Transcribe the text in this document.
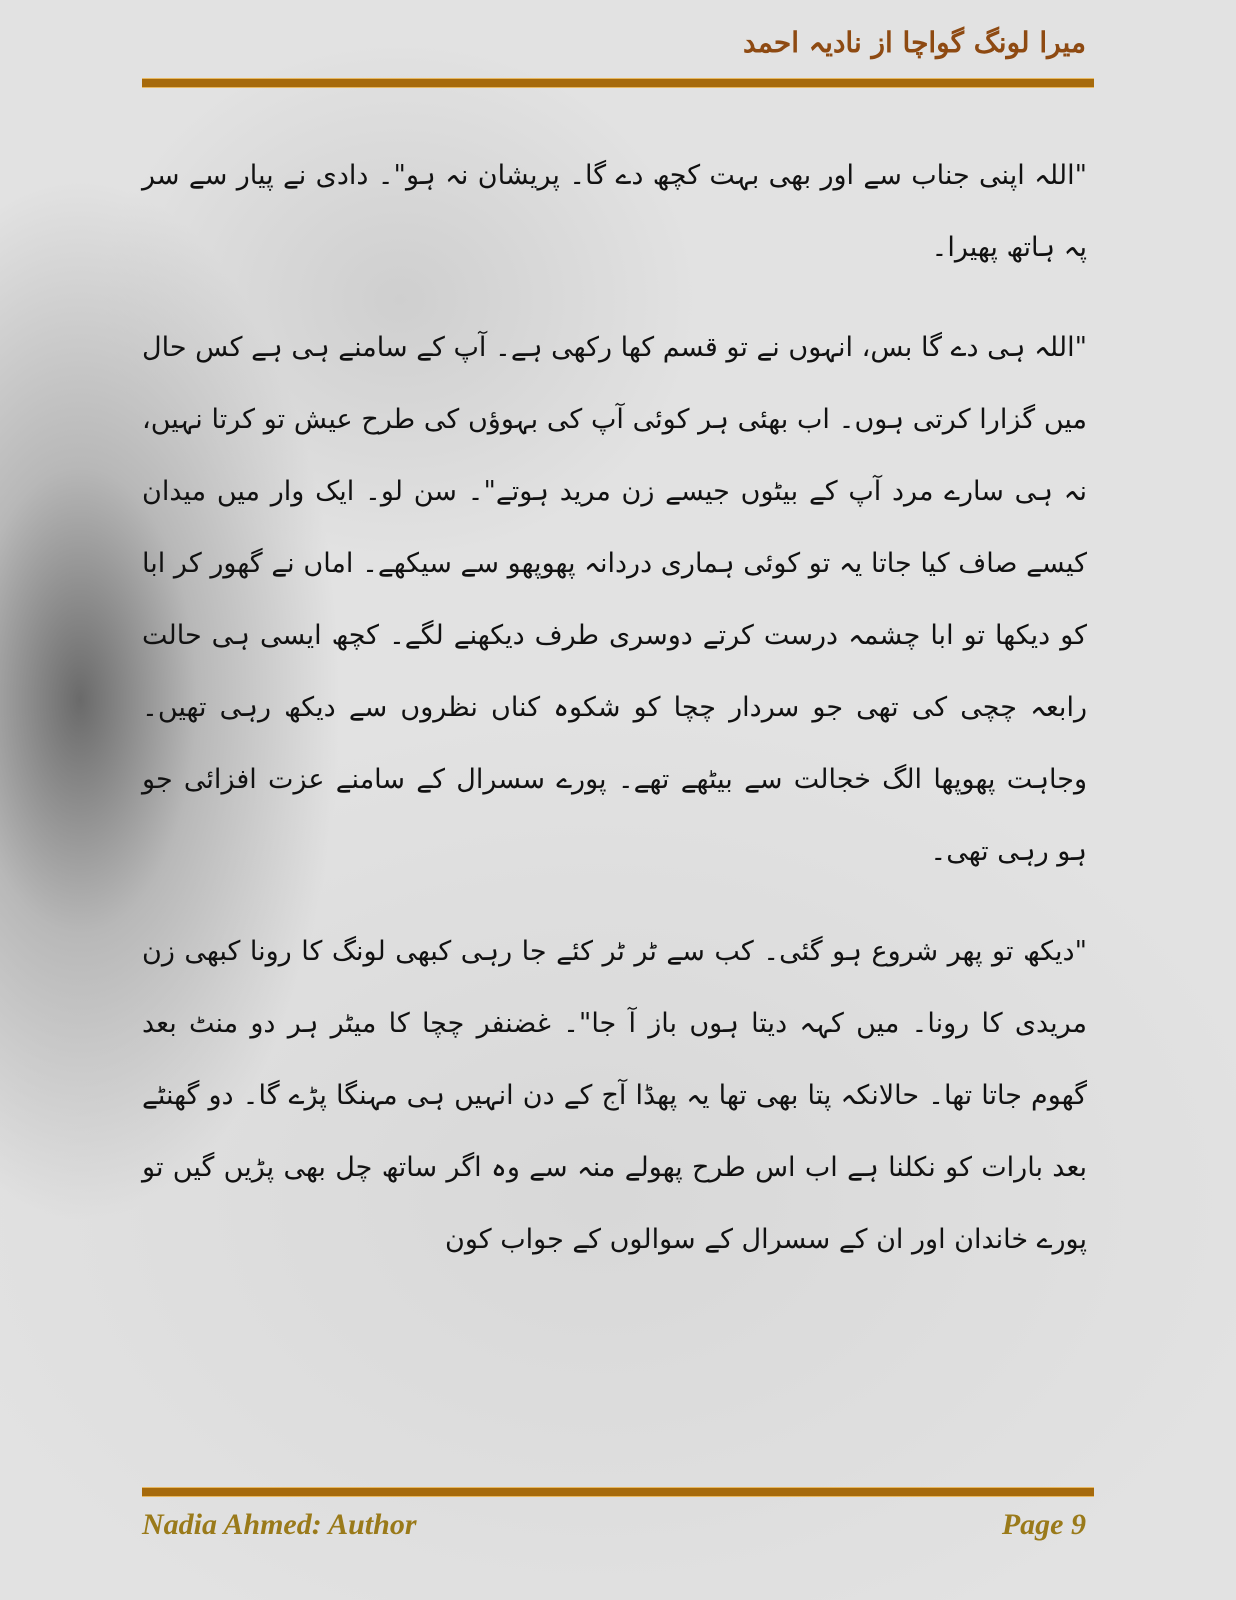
میرا لونگ گواچا از نادیہ احمد

"اللہ اپنی جناب سے اور بھی بہت کچھ دے گا۔ پریشان نہ ہو"۔ دادی نے پیار سے سر پہ ہاتھ پھیرا۔

"اللہ ہی دے گا بس، انہوں نے تو قسم کھا رکھی ہے۔ آپ کے سامنے ہی ہے کس حال میں گزارا کرتی ہوں۔ اب بھئی ہر کوئی آپ کی بہوؤں کی طرح عیش تو کرتا نہیں، نہ ہی سارے مرد آپ کے بیٹوں جیسے زن مرید ہوتے"۔ سن لو۔ ایک وار میں میدان کیسے صاف کیا جاتا یہ تو کوئی ہماری دردانہ پھوپھو سے سیکھے۔ اماں نے گھور کر ابا کو دیکھا تو ابا چشمہ درست کرتے دوسری طرف دیکھنے لگے۔ کچھ ایسی ہی حالت رابعہ چچی کی تھی جو سردار چچا کو شکوہ کناں نظروں سے دیکھ رہی تھیں۔ وجاہت پھوپھا الگ خجالت سے بیٹھے تھے۔ پورے سسرال کے سامنے عزت افزائی جو ہو رہی تھی۔

"دیکھ تو پھر شروع ہو گئی۔ کب سے ٹر ٹر کئے جا رہی کبھی لونگ کا رونا کبھی زن مریدی کا رونا۔ میں کہہ دیتا ہوں باز آ جا"۔ غضنفر چچا کا میٹر ہر دو منٹ بعد گھوم جاتا تھا۔ حالانکہ پتا بھی تھا یہ پھڈا آج کے دن انہیں ہی مہنگا پڑے گا۔ دو گھنٹے بعد بارات کو نکلنا ہے اب اس طرح پھولے منہ سے وہ اگر ساتھ چل بھی پڑیں گیں تو پورے خاندان اور ان کے سسرال کے سوالوں کے جواب کون

Nadia Ahmed: Author	Page 9
